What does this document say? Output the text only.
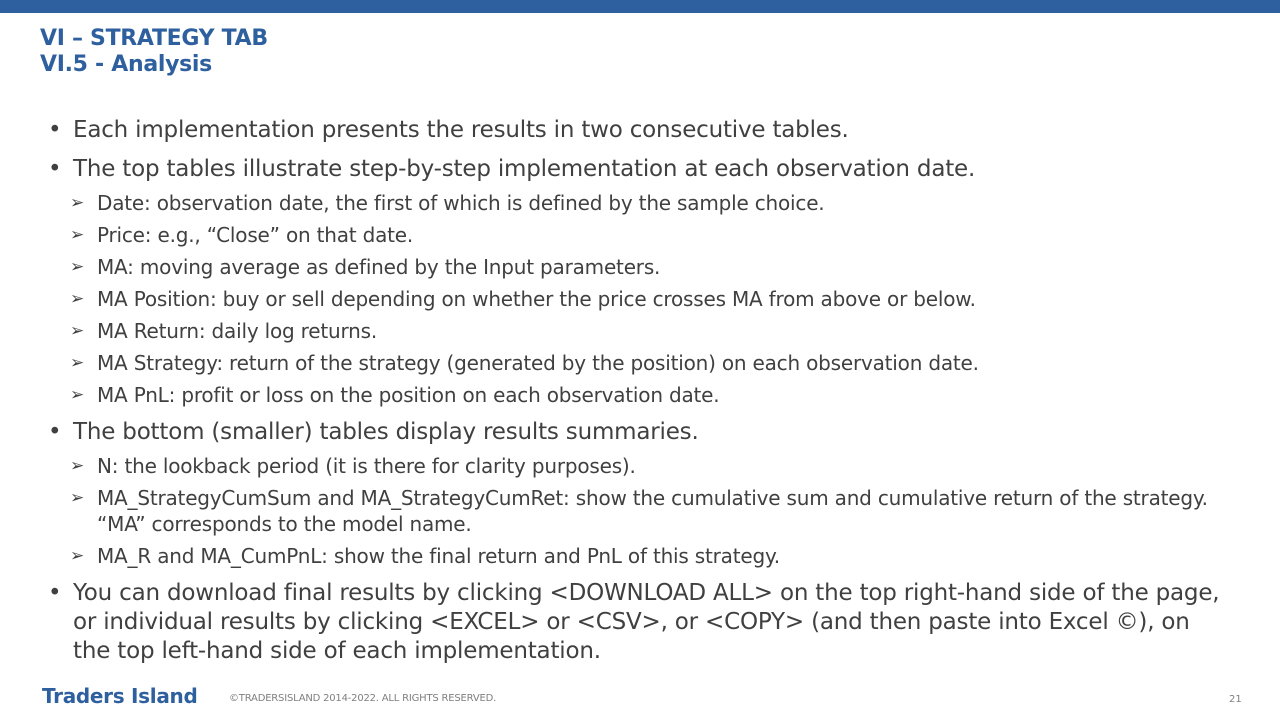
VI – STRATEGY TAB
VI.5 - Analysis
• Each implementation presents the results in two consecutive tables.
• The top tables illustrate step-by-step implementation at each observation date.
➢ Date: observation date, the first of which is defined by the sample choice.
➢ Price: e.g., “Close” on that date.
➢ MA: moving average as defined by the Input parameters.
➢ MA Position: buy or sell depending on whether the price crosses MA from above or below.
➢ MA Return: daily log returns.
➢ MA Strategy: return of the strategy (generated by the position) on each observation date.
➢ MA PnL: profit or loss on the position on each observation date.
• The bottom (smaller) tables display results summaries.
➢ N: the lookback period (it is there for clarity purposes).
➢ MA_StrategyCumSum and MA_StrategyCumRet: show the cumulative sum and cumulative return of the strategy. “MA” corresponds to the model name.
➢ MA_R and MA_CumPnL: show the final return and PnL of this strategy.
• You can download final results by clicking <DOWNLOAD ALL> on the top right-hand side of the page, or individual results by clicking <EXCEL> or <CSV>, or <COPY> (and then paste into Excel ©), on the top left-hand side of each implementation.
Traders Island	©TRADERSISLAND 2014-2022. ALL RIGHTS RESERVED.	21
